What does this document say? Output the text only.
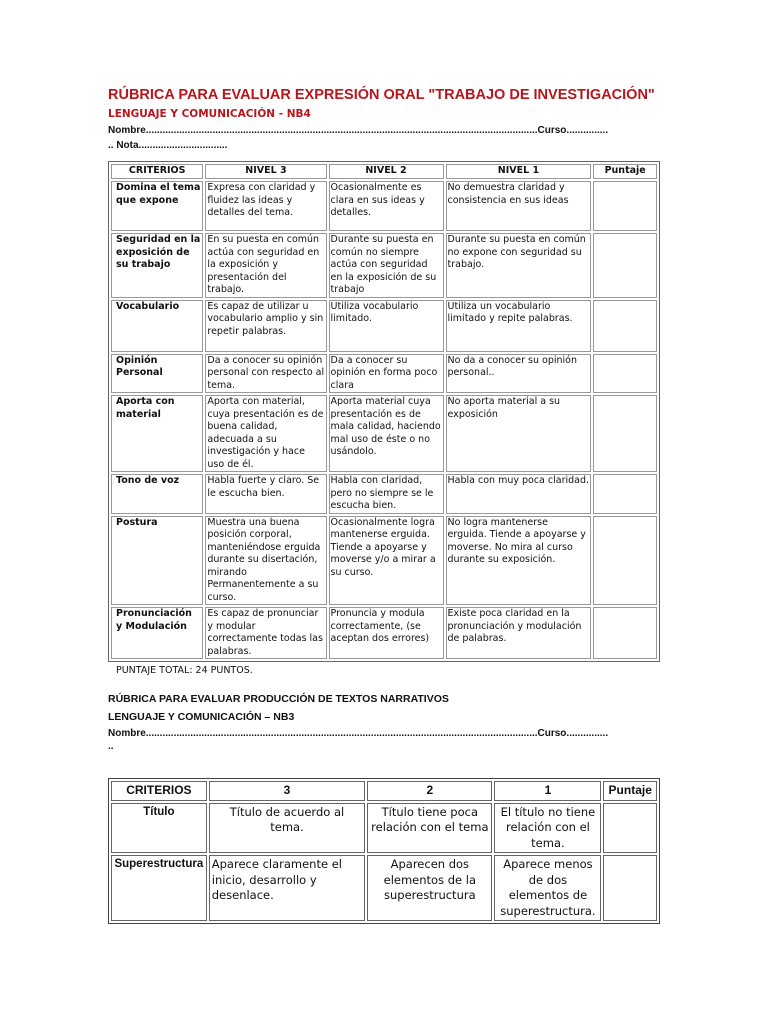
RÚBRICA PARA EVALUAR EXPRESIÓN ORAL "TRABAJO DE INVESTIGACIÓN"
LENGUAJE Y COMUNICACIÓN - NB4
Nombre.............................................................................................................................................Curso...............
.. Nota................................
CRITERIOS	NIVEL 3	NIVEL 2	NIVEL 1	Puntaje
Domina el tema que expone	Expresa con claridad y fluidez las ideas y detalles del tema.	Ocasionalmente es clara en sus ideas y detalles.	No demuestra claridad y consistencia en sus ideas	
Seguridad en la exposición de su trabajo	En su puesta en común actúa con seguridad en la exposición y presentación del trabajo.	Durante su puesta en común no siempre actúa con seguridad en la exposición de su trabajo	Durante su puesta en común no expone con seguridad su trabajo.	
Vocabulario	Es capaz de utilizar u vocabulario amplio y sin repetir palabras.	Utiliza vocabulario limitado.	Utiliza un vocabulario limitado y repite palabras.	
Opinión Personal	Da a conocer su opinión personal con respecto al tema.	Da a conocer su opinión en forma poco clara	No da a conocer su opinión personal..	
Aporta con material	Aporta con material, cuya presentación es de buena calidad, adecuada a su investigación y hace uso de él.	Aporta material cuya presentación es de mala calidad, haciendo mal uso de éste o no usándolo.	No aporta material a su exposición	
Tono de voz	Habla fuerte y claro. Se le escucha bien.	Habla con claridad, pero no siempre se le escucha bien.	Habla con muy poca claridad.	
Postura	Muestra una buena posición corporal, manteniéndose erguida durante su disertación, mirando Permanentemente a su curso.	Ocasionalmente logra mantenerse erguida. Tiende a apoyarse y moverse y/o a mirar a su curso.	No logra mantenerse erguida. Tiende a apoyarse y moverse. No mira al curso durante su exposición.	
Pronunciación y Modulación	Es capaz de pronunciar y modular correctamente todas las palabras.	Pronuncia y modula correctamente, (se aceptan dos errores)	Existe poca claridad en la pronunciación y modulación de palabras.	
PUNTAJE TOTAL: 24 PUNTOS.
RÚBRICA PARA EVALUAR PRODUCCIÓN DE TEXTOS NARRATIVOS
LENGUAJE Y COMUNICACIÓN – NB3
Nombre.............................................................................................................................................Curso...............
..
CRITERIOS	3	2	1	Puntaje
Título	Título de acuerdo al tema.	Título tiene poca relación con el tema	El título no tiene relación con el tema.	
Superestructura	Aparece claramente el inicio, desarrollo y desenlace.	Aparecen dos elementos de la superestructura	Aparece menos de dos elementos de superestructura.	
